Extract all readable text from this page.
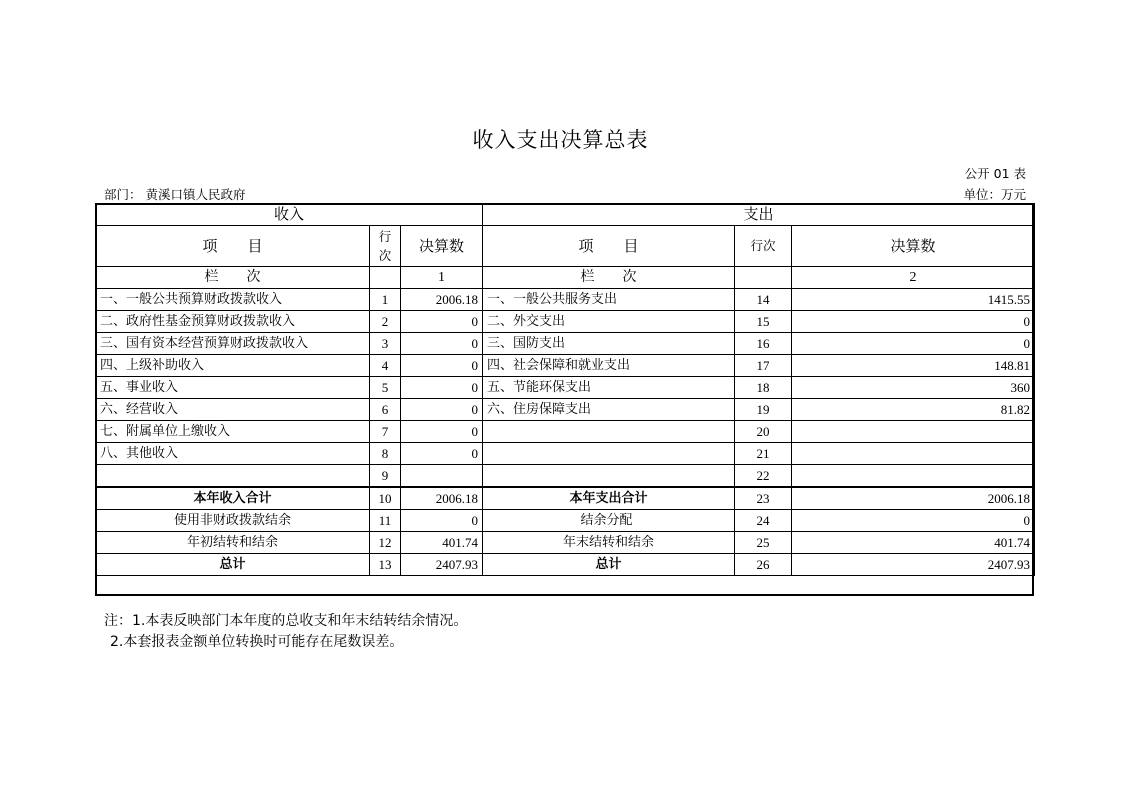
收入支出决算总表
公开 01 表
部门： 黄溪口镇人民政府	单位：万元
收入			支出		
项　　目	行次	决算数	项　　目	行次	决算数
栏　　次		1	栏　　次		2
一、一般公共预算财政拨款收入	1	2006.18	一、一般公共服务支出	14	1415.55
二、政府性基金预算财政拨款收入	2	0	二、外交支出	15	0
三、国有资本经营预算财政拨款收入	3	0	三、国防支出	16	0
四、上级补助收入	4	0	四、社会保障和就业支出	17	148.81
五、事业收入	5	0	五、节能环保支出	18	360
六、经营收入	6	0	六、住房保障支出	19	81.82
七、附属单位上缴收入	7	0		20	
八、其他收入	8	0		21	
	9			22	
本年收入合计	10	2006.18	本年支出合计	23	2006.18
使用非财政拨款结余	11	0	结余分配	24	0
年初结转和结余	12	401.74	年末结转和结余	25	401.74
总计	13	2407.93	总计	26	2407.93
注：1.本表反映部门本年度的总收支和年末结转结余情况。
2.本套报表金额单位转换时可能存在尾数误差。
